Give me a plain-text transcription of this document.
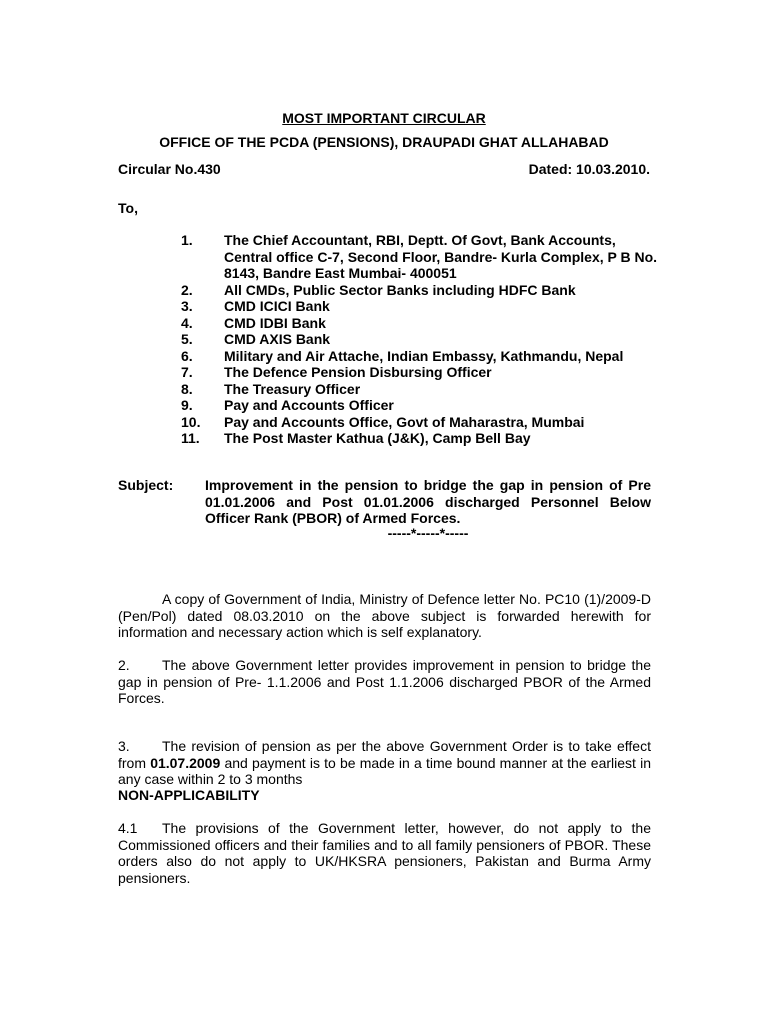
MOST IMPORTANT CIRCULAR
OFFICE OF THE PCDA (PENSIONS), DRAUPADI GHAT ALLAHABAD
Circular No.430	Dated: 10.03.2010.
To,
1.	The Chief Accountant, RBI, Deptt. Of Govt, Bank Accounts, Central office C-7, Second Floor, Bandre- Kurla Complex, P B No. 8143, Bandre East Mumbai- 400051
2.	All CMDs, Public Sector Banks including HDFC Bank
3.	CMD ICICI Bank
4.	CMD IDBI Bank
5.	CMD AXIS Bank
6.	Military and Air Attache, Indian Embassy, Kathmandu, Nepal
7.	The Defence Pension Disbursing Officer
8.	The Treasury Officer
9.	Pay and Accounts Officer
10.	Pay and Accounts Office, Govt of Maharastra, Mumbai
11.	The Post Master Kathua (J&K), Camp Bell Bay
Subject: Improvement in the pension to bridge the gap in pension of Pre 01.01.2006 and Post 01.01.2006 discharged Personnel Below Officer Rank (PBOR) of Armed Forces.
-----*-----*-----
A copy of Government of India, Ministry of Defence letter No. PC10 (1)/2009-D (Pen/Pol) dated 08.03.2010 on the above subject is forwarded herewith for information and necessary action which is self explanatory.
2. The above Government letter provides improvement in pension to bridge the gap in pension of Pre- 1.1.2006 and Post 1.1.2006 discharged PBOR of the Armed Forces.
3. The revision of pension as per the above Government Order is to take effect from 01.07.2009 and payment is to be made in a time bound manner at the earliest in any case within 2 to 3 months
NON-APPLICABILITY
4.1 The provisions of the Government letter, however, do not apply to the Commissioned officers and their families and to all family pensioners of PBOR. These orders also do not apply to UK/HKSRA pensioners, Pakistan and Burma Army pensioners.
